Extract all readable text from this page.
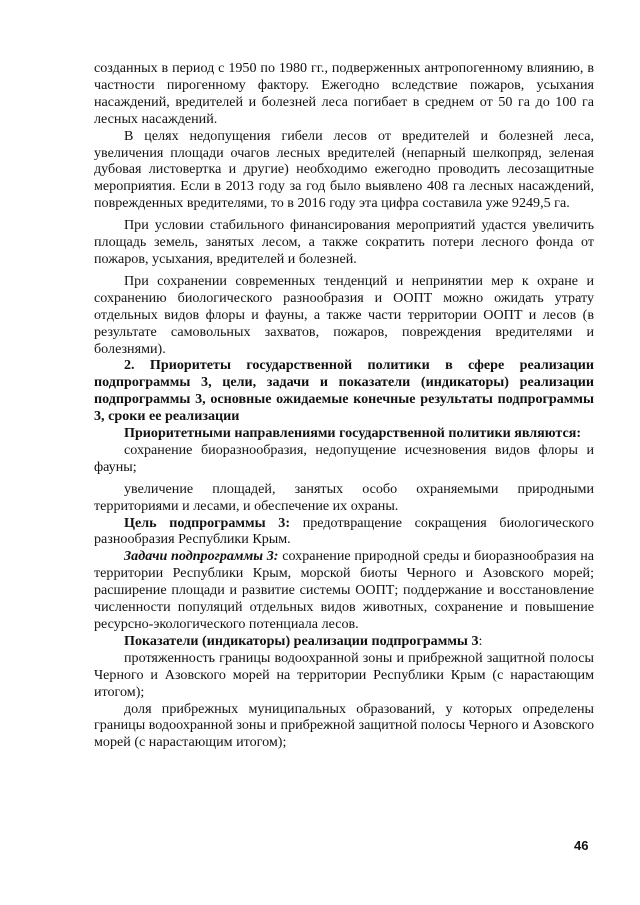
созданных в период с 1950 по 1980 гг., подверженных антропогенному влиянию, в частности пирогенному фактору. Ежегодно вследствие пожаров, усыхания насаждений, вредителей и болезней леса погибает в среднем от 50 га до 100 га лесных насаждений.

В целях недопущения гибели лесов от вредителей и болезней леса, увеличения площади очагов лесных вредителей (непарный шелкопряд, зеленая дубовая листовертка и другие) необходимо ежегодно проводить лесозащитные мероприятия. Если в 2013 году за год было выявлено 408 га лесных насаждений, поврежденных вредителями, то в 2016 году эта цифра составила уже 9249,5 га.

При условии стабильного финансирования мероприятий удастся увеличить площадь земель, занятых лесом, а также сократить потери лесного фонда от пожаров, усыхания, вредителей и болезней.

При сохранении современных тенденций и непринятии мер к охране и сохранению биологического разнообразия и ООПТ можно ожидать утрату отдельных видов флоры и фауны, а также части территории ООПТ и лесов (в результате самовольных захватов, пожаров, повреждения вредителями и болезнями).

2. Приоритеты государственной политики в сфере реализации подпрограммы 3, цели, задачи и показатели (индикаторы) реализации подпрограммы 3, основные ожидаемые конечные результаты подпрограммы 3, сроки ее реализации

Приоритетными направлениями государственной политики являются:

сохранение биоразнообразия, недопущение исчезновения видов флоры и фауны;

увеличение площадей, занятых особо охраняемыми природными территориями и лесами, и обеспечение их охраны.

Цель подпрограммы 3: предотвращение сокращения биологического разнообразия Республики Крым.

Задачи подпрограммы 3: сохранение природной среды и биоразнообразия на территории Республики Крым, морской биоты Черного и Азовского морей; расширение площади и развитие системы ООПТ; поддержание и восстановление численности популяций отдельных видов животных, сохранение и повышение ресурсно-экологического потенциала лесов.

Показатели (индикаторы) реализации подпрограммы 3:

протяженность границы водоохранной зоны и прибрежной защитной полосы Черного и Азовского морей на территории Республики Крым (с нарастающим итогом);

доля прибрежных муниципальных образований, у которых определены границы водоохранной зоны и прибрежной защитной полосы Черного и Азовского морей (с нарастающим итогом);

46
